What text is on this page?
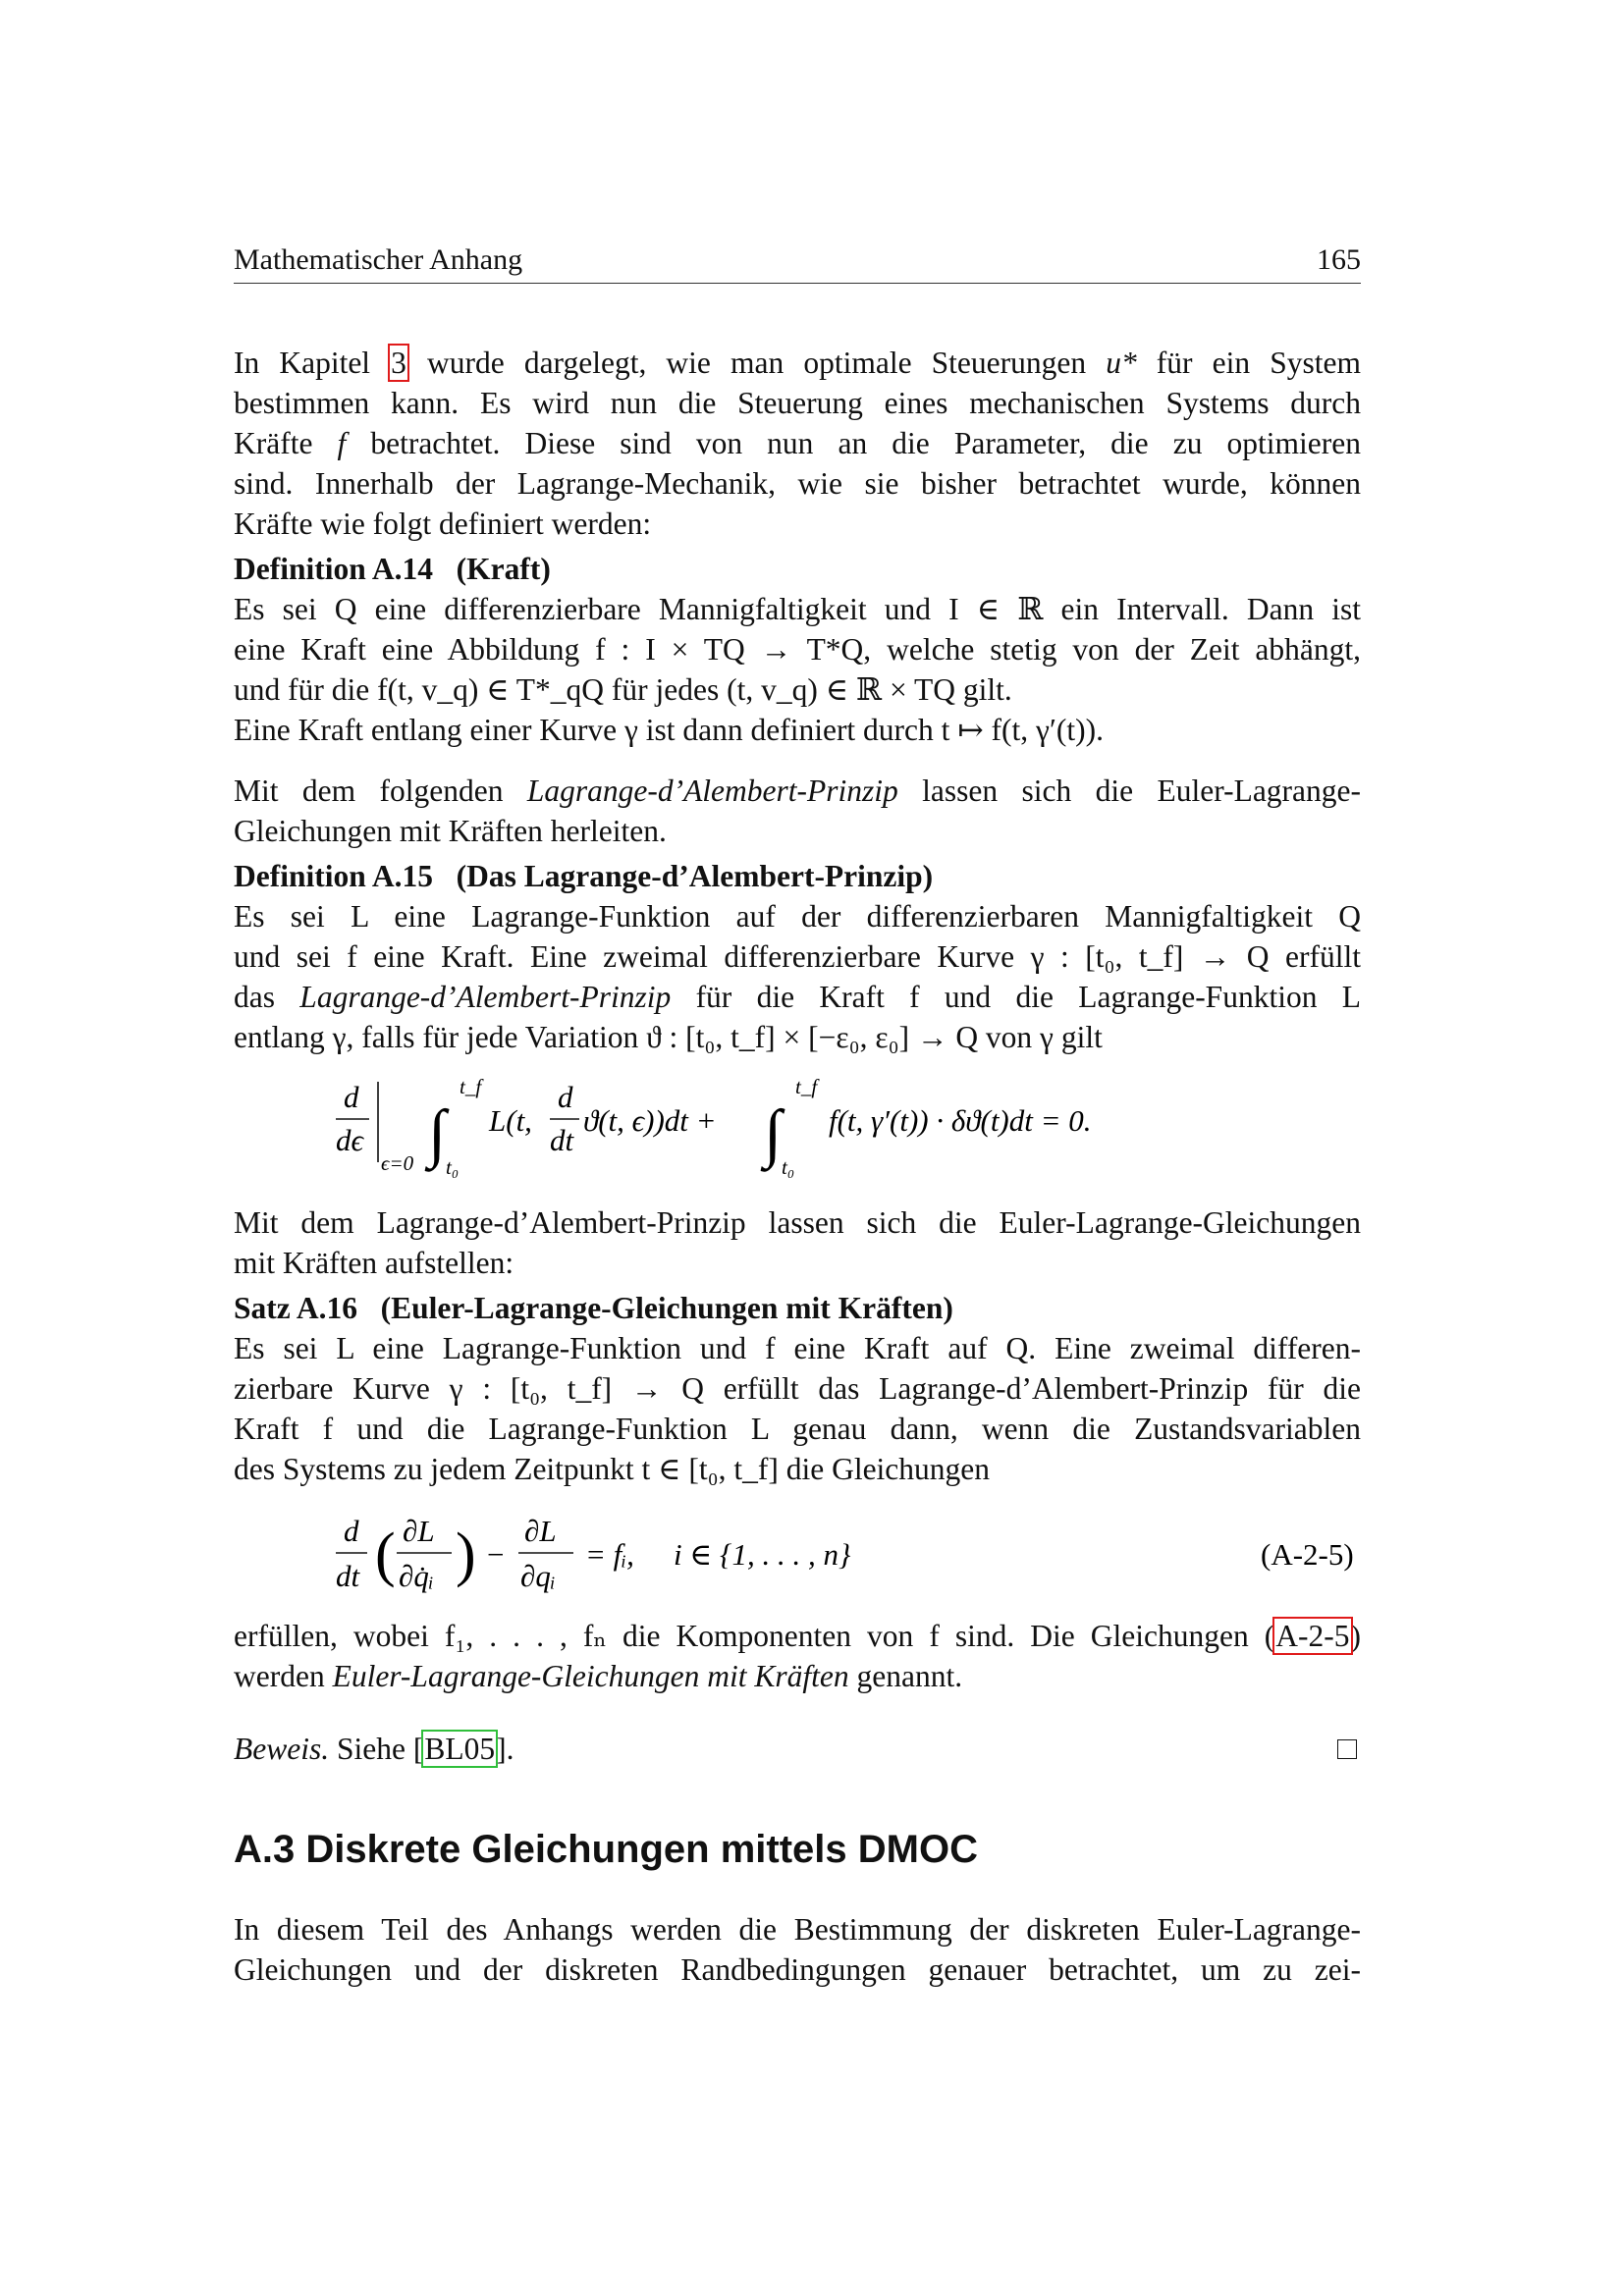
Mathematischer Anhang	165
In Kapitel 3 wurde dargelegt, wie man optimale Steuerungen u* für ein System
bestimmen kann. Es wird nun die Steuerung eines mechanischen Systems durch
Kräfte f betrachtet. Diese sind von nun an die Parameter, die zu optimieren
sind. Innerhalb der Lagrange-Mechanik, wie sie bisher betrachtet wurde, können
Kräfte wie folgt definiert werden:
Definition A.14 (Kraft)
Es sei Q eine differenzierbare Mannigfaltigkeit und I ∈ ℝ ein Intervall. Dann ist
eine Kraft eine Abbildung f : I × TQ → T*Q, welche stetig von der Zeit abhängt,
und für die f(t, v_q) ∈ T*_qQ für jedes (t, v_q) ∈ ℝ × TQ gilt.
Eine Kraft entlang einer Kurve γ ist dann definiert durch t ↦ f(t, γ′(t)).
Mit dem folgenden Lagrange-d’Alembert-Prinzip lassen sich die Euler-Lagrange-
Gleichungen mit Kräften herleiten.
Definition A.15 (Das Lagrange-d’Alembert-Prinzip)
Es sei L eine Lagrange-Funktion auf der differenzierbaren Mannigfaltigkeit Q
und sei f eine Kraft. Eine zweimal differenzierbare Kurve γ : [t₀, t_f] → Q erfüllt
das Lagrange-d’Alembert-Prinzip für die Kraft f und die Lagrange-Funktion L
entlang γ, falls für jede Variation ϑ : [t₀, t_f] × [−ε₀, ε₀] → Q von γ gilt
d
dϵ
ϵ=0 ∫
t_f
t₀
L(t,
d
dt
ϑ(t, ϵ))dt + ∫
t_f
t₀
f(t, γ′(t)) · δϑ(t)dt = 0.
Mit dem Lagrange-d’Alembert-Prinzip lassen sich die Euler-Lagrange-Gleichungen
mit Kräften aufstellen:
Satz A.16 (Euler-Lagrange-Gleichungen mit Kräften)
Es sei L eine Lagrange-Funktion und f eine Kraft auf Q. Eine zweimal differen-
zierbare Kurve γ : [t₀, t_f] → Q erfüllt das Lagrange-d’Alembert-Prinzip für die
Kraft f und die Lagrange-Funktion L genau dann, wenn die Zustandsvariablen
des Systems zu jedem Zeitpunkt t ∈ [t₀, t_f] die Gleichungen
d
dt ( ∂L
∂q̇ᵢ ) −
∂L
∂qᵢ
= fᵢ, i ∈ {1, . . . , n}	(A-2-5)
erfüllen, wobei f₁, . . . , fₙ die Komponenten von f sind. Die Gleichungen (A-2-5)
werden Euler-Lagrange-Gleichungen mit Kräften genannt.
Beweis. Siehe [BL05].
A.3 Diskrete Gleichungen mittels DMOC
In diesem Teil des Anhangs werden die Bestimmung der diskreten Euler-Lagrange-
Gleichungen und der diskreten Randbedingungen genauer betrachtet, um zu zei-
